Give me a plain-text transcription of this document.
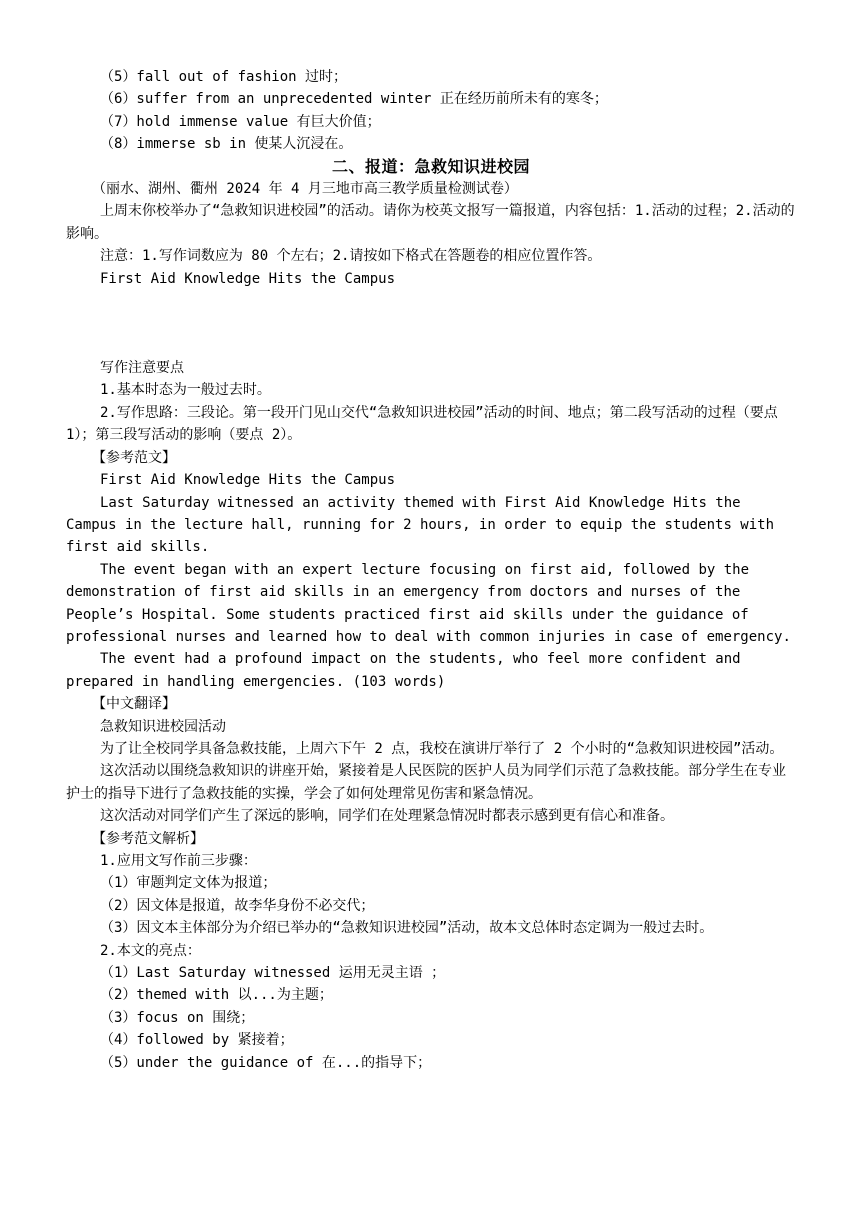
（5）fall out of fashion 过时；

（6）suffer from an unprecedented winter 正在经历前所未有的寒冬；

（7）hold immense value 有巨大价值；

（8）immerse sb in 使某人沉浸在。

二、报道：急救知识进校园

（丽水、湖州、衢州 2024 年 4 月三地市高三教学质量检测试卷）

上周末你校举办了“急救知识进校园”的活动。请你为校英文报写一篇报道，内容包括：1.活动的过程；2.活动的影响。

注意：1.写作词数应为 80 个左右；2.请按如下格式在答题卷的相应位置作答。

First Aid Knowledge Hits the Campus

写作注意要点

1.基本时态为一般过去时。

2.写作思路：三段论。第一段开门见山交代“急救知识进校园”活动的时间、地点；第二段写活动的过程（要点 1）；第三段写活动的影响（要点 2）。

【参考范文】

First Aid Knowledge Hits the Campus

Last Saturday witnessed an activity themed with First Aid Knowledge Hits the Campus in the lecture hall, running for 2 hours, in order to equip the students with first aid skills.

The event began with an expert lecture focusing on first aid, followed by the demonstration of first aid skills in an emergency from doctors and nurses of the People’s Hospital. Some students practiced first aid skills under the guidance of professional nurses and learned how to deal with common injuries in case of emergency.

The event had a profound impact on the students, who feel more confident and prepared in handling emergencies. (103 words)

【中文翻译】

急救知识进校园活动

为了让全校同学具备急救技能，上周六下午 2 点，我校在演讲厅举行了 2 个小时的“急救知识进校园”活动。

这次活动以围绕急救知识的讲座开始，紧接着是人民医院的医护人员为同学们示范了急救技能。部分学生在专业护士的指导下进行了急救技能的实操，学会了如何处理常见伤害和紧急情况。

这次活动对同学们产生了深远的影响，同学们在处理紧急情况时都表示感到更有信心和准备。

【参考范文解析】

1.应用文写作前三步骤：

（1）审题判定文体为报道；

（2）因文体是报道，故李华身份不必交代；

（3）因文本主体部分为介绍已举办的“急救知识进校园”活动，故本文总体时态定调为一般过去时。

2.本文的亮点：

（1）Last Saturday witnessed 运用无灵主语 ；

（2）themed with 以...为主题；

（3）focus on 围绕；

（4）followed by 紧接着；

（5）under the guidance of 在...的指导下；
